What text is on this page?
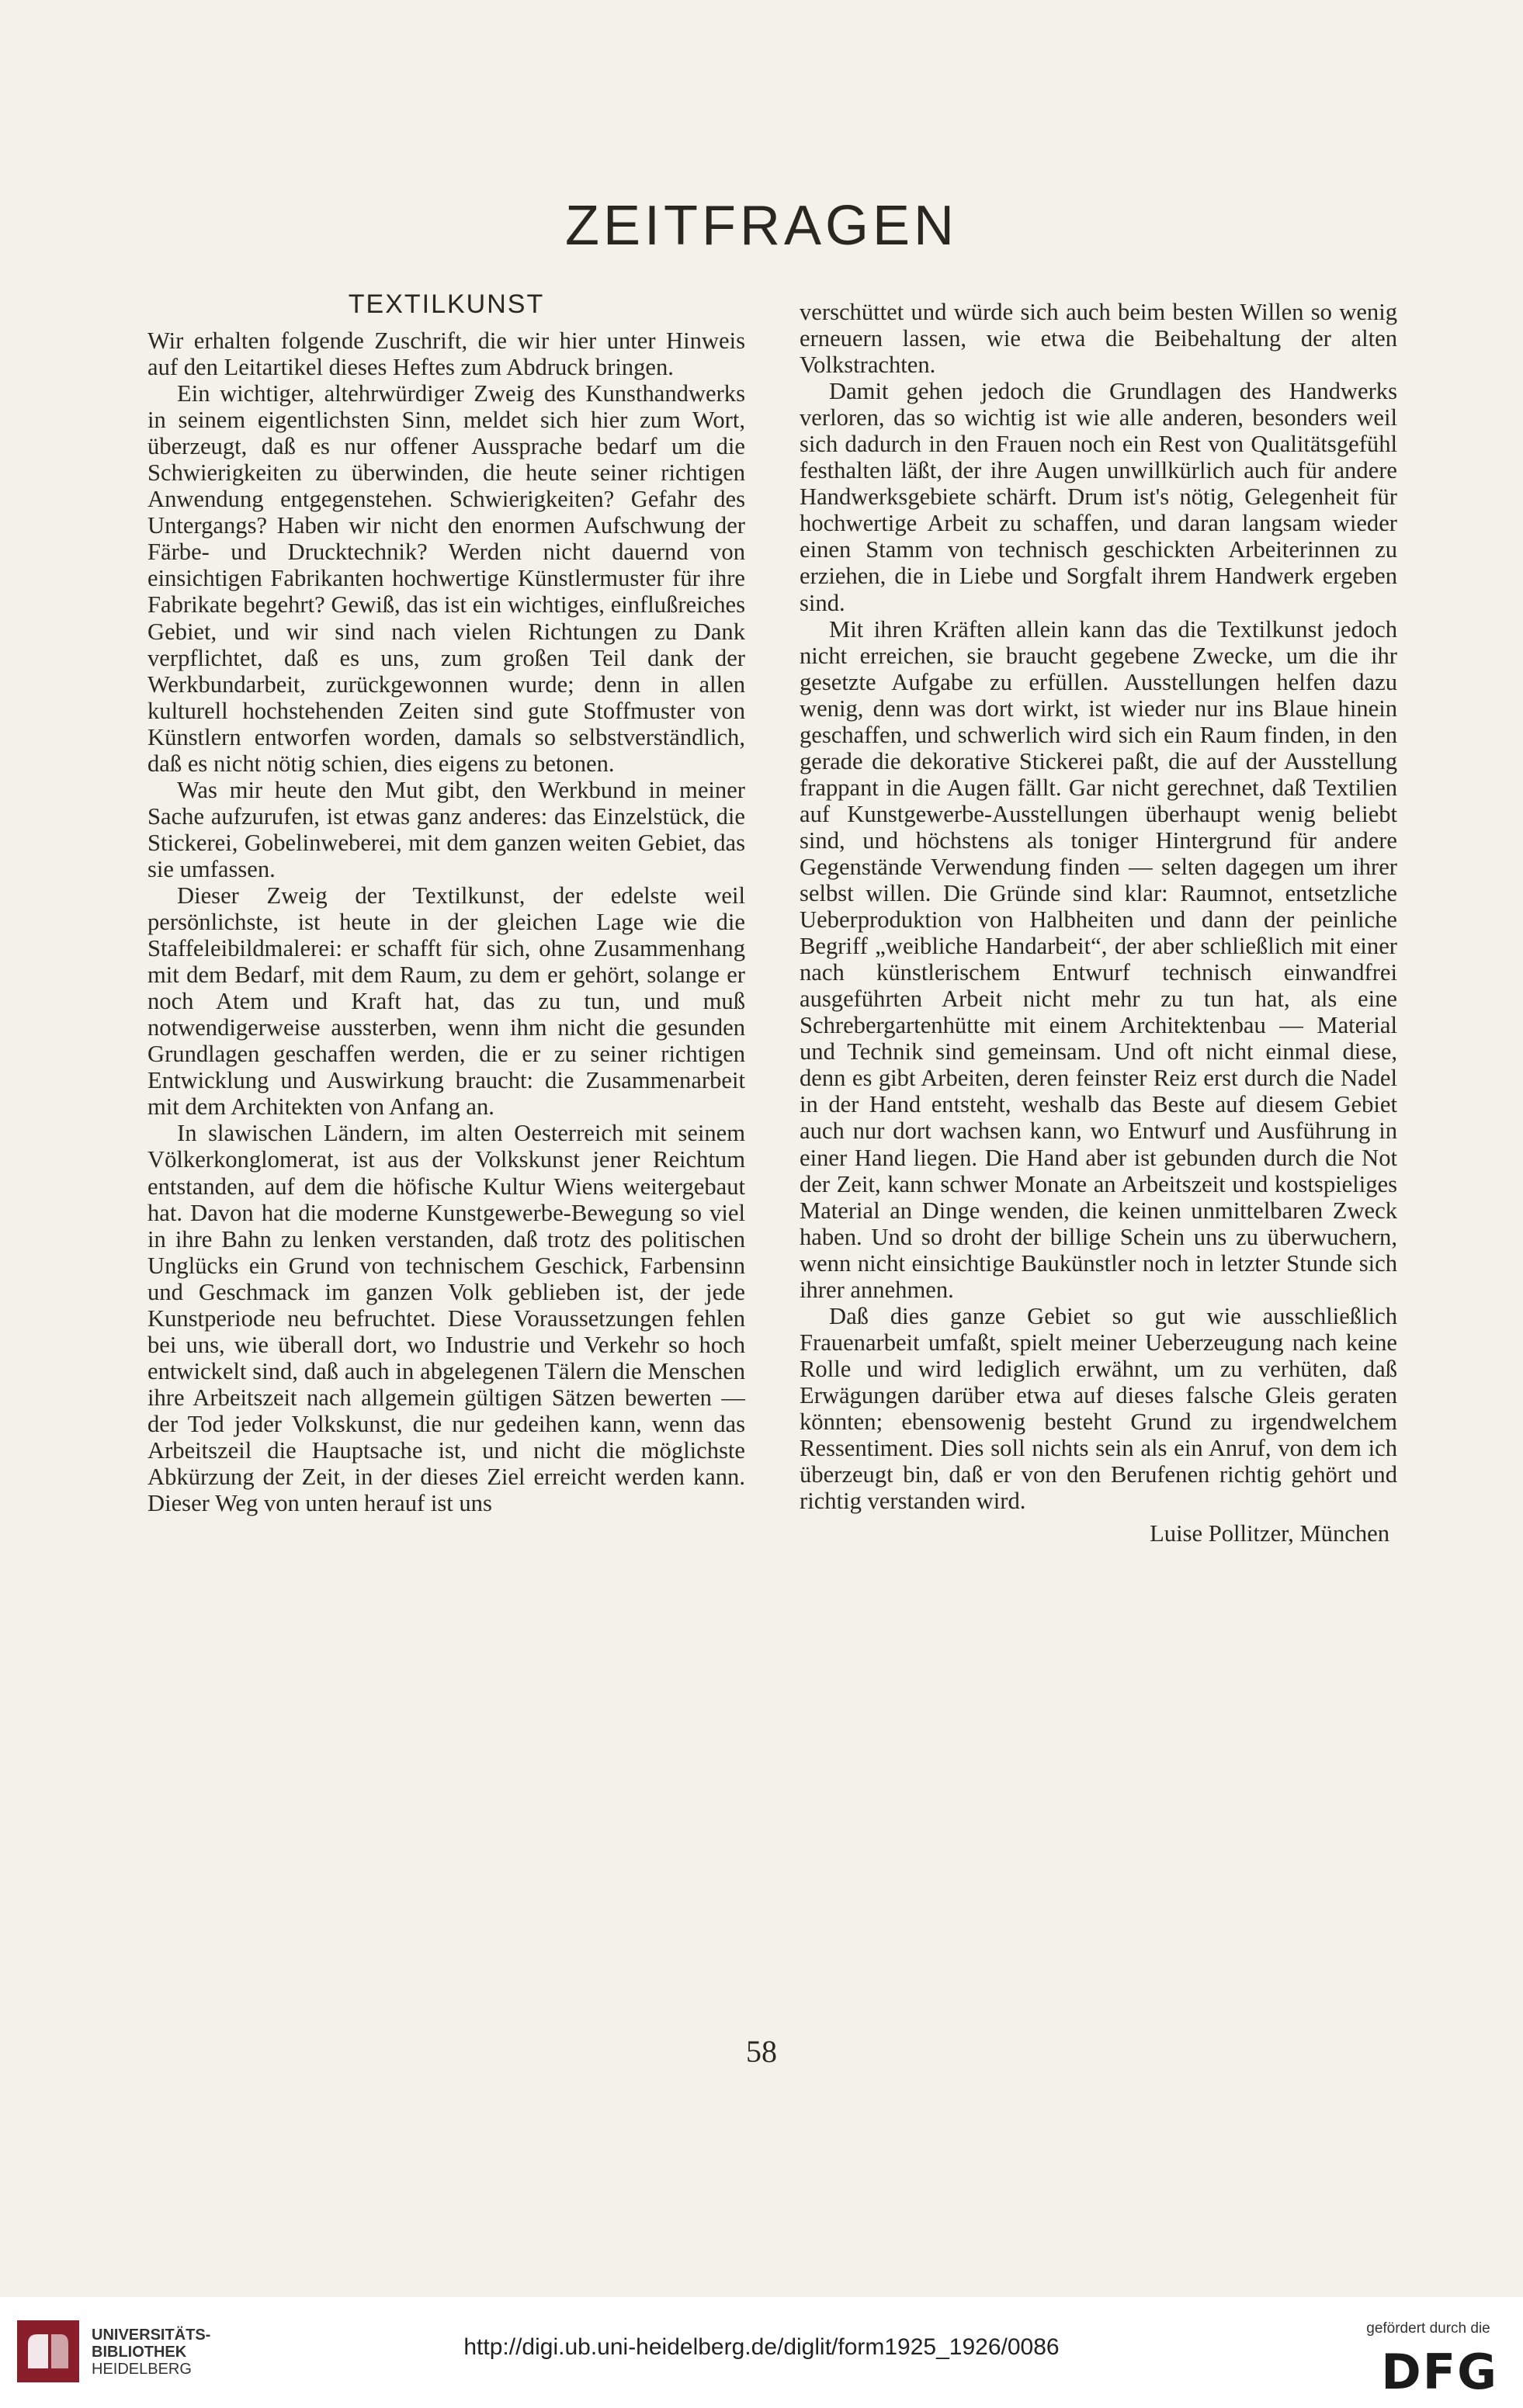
ZEITFRAGEN
TEXTILKUNST

Wir erhalten folgende Zuschrift, die wir hier unter Hinweis auf den Leitartikel dieses Heftes zum Abdruck bringen.

Ein wichtiger, altehrwürdiger Zweig des Kunsthandwerks in seinem eigentlichsten Sinn, meldet sich hier zum Wort, überzeugt, daß es nur offener Aussprache bedarf um die Schwierigkeiten zu überwinden, die heute seiner richtigen Anwendung entgegenstehen. Schwierigkeiten? Gefahr des Untergangs? Haben wir nicht den enormen Aufschwung der Färbe- und Drucktechnik? Werden nicht dauernd von einsichtigen Fabrikanten hochwertige Künstlermuster für ihre Fabrikate begehrt? Gewiß, das ist ein wichtiges, einflußreiches Gebiet, und wir sind nach vielen Richtungen zu Dank verpflichtet, daß es uns, zum großen Teil dank der Werkbundarbeit, zurückgewonnen wurde; denn in allen kulturell hochstehenden Zeiten sind gute Stoffmuster von Künstlern entworfen worden, damals so selbstverständlich, daß es nicht nötig schien, dies eigens zu betonen.

Was mir heute den Mut gibt, den Werkbund in meiner Sache aufzurufen, ist etwas ganz anderes: das Einzelstück, die Stickerei, Gobelinweberei, mit dem ganzen weiten Gebiet, das sie umfassen.

Dieser Zweig der Textilkunst, der edelste weil persönlichste, ist heute in der gleichen Lage wie die Staffeleibildmalerei: er schafft für sich, ohne Zusammenhang mit dem Bedarf, mit dem Raum, zu dem er gehört, solange er noch Atem und Kraft hat, das zu tun, und muß notwendigerweise aussterben, wenn ihm nicht die gesunden Grundlagen geschaffen werden, die er zu seiner richtigen Entwicklung und Auswirkung braucht: die Zusammenarbeit mit dem Architekten von Anfang an.

In slawischen Ländern, im alten Oesterreich mit seinem Völkerkonglomerat, ist aus der Volkskunst jener Reichtum entstanden, auf dem die höfische Kultur Wiens weitergebaut hat. Davon hat die moderne Kunstgewerbe-Bewegung so viel in ihre Bahn zu lenken verstanden, daß trotz des politischen Unglücks ein Grund von technischem Geschick, Farbensinn und Geschmack im ganzen Volk geblieben ist, der jede Kunstperiode neu befruchtet. Diese Voraussetzungen fehlen bei uns, wie überall dort, wo Industrie und Verkehr so hoch entwickelt sind, daß auch in abgelegenen Tälern die Menschen ihre Arbeitszeit nach allgemein gültigen Sätzen bewerten — der Tod jeder Volkskunst, die nur gedeihen kann, wenn das Arbeitszeil die Hauptsache ist, und nicht die möglichste Abkürzung der Zeit, in der dieses Ziel erreicht werden kann. Dieser Weg von unten herauf ist uns

verschüttet und würde sich auch beim besten Willen so wenig erneuern lassen, wie etwa die Beibehaltung der alten Volkstrachten.

Damit gehen jedoch die Grundlagen des Handwerks verloren, das so wichtig ist wie alle anderen, besonders weil sich dadurch in den Frauen noch ein Rest von Qualitätsgefühl festhalten läßt, der ihre Augen unwillkürlich auch für andere Handwerksgebiete schärft. Drum ist's nötig, Gelegenheit für hochwertige Arbeit zu schaffen, und daran langsam wieder einen Stamm von technisch geschickten Arbeiterinnen zu erziehen, die in Liebe und Sorgfalt ihrem Handwerk ergeben sind.

Mit ihren Kräften allein kann das die Textilkunst jedoch nicht erreichen, sie braucht gegebene Zwecke, um die ihr gesetzte Aufgabe zu erfüllen. Ausstellungen helfen dazu wenig, denn was dort wirkt, ist wieder nur ins Blaue hinein geschaffen, und schwerlich wird sich ein Raum finden, in den gerade die dekorative Stickerei paßt, die auf der Ausstellung frappant in die Augen fällt. Gar nicht gerechnet, daß Textilien auf Kunstgewerbe-Ausstellungen überhaupt wenig beliebt sind, und höchstens als toniger Hintergrund für andere Gegenstände Verwendung finden — selten dagegen um ihrer selbst willen. Die Gründe sind klar: Raumnot, entsetzliche Ueberproduktion von Halbheiten und dann der peinliche Begriff „weibliche Handarbeit“, der aber schließlich mit einer nach künstlerischem Entwurf technisch einwandfrei ausgeführten Arbeit nicht mehr zu tun hat, als eine Schrebergartenhütte mit einem Architektenbau — Material und Technik sind gemeinsam. Und oft nicht einmal diese, denn es gibt Arbeiten, deren feinster Reiz erst durch die Nadel in der Hand entsteht, weshalb das Beste auf diesem Gebiet auch nur dort wachsen kann, wo Entwurf und Ausführung in einer Hand liegen. Die Hand aber ist gebunden durch die Not der Zeit, kann schwer Monate an Arbeitszeit und kostspieliges Material an Dinge wenden, die keinen unmittelbaren Zweck haben. Und so droht der billige Schein uns zu überwuchern, wenn nicht einsichtige Baukünstler noch in letzter Stunde sich ihrer annehmen.

Daß dies ganze Gebiet so gut wie ausschließlich Frauenarbeit umfaßt, spielt meiner Ueberzeugung nach keine Rolle und wird lediglich erwähnt, um zu verhüten, daß Erwägungen darüber etwa auf dieses falsche Gleis geraten könnten; ebensowenig besteht Grund zu irgendwelchem Ressentiment. Dies soll nichts sein als ein Anruf, von dem ich überzeugt bin, daß er von den Berufenen richtig gehört und richtig verstanden wird.

Luise Pollitzer, München

58
UNIVERSITÄTS-
BIBLIOTHEK
HEIDELBERG
http://digi.ub.uni-heidelberg.de/diglit/form1925_1926/0086
gefördert durch die
DFG
